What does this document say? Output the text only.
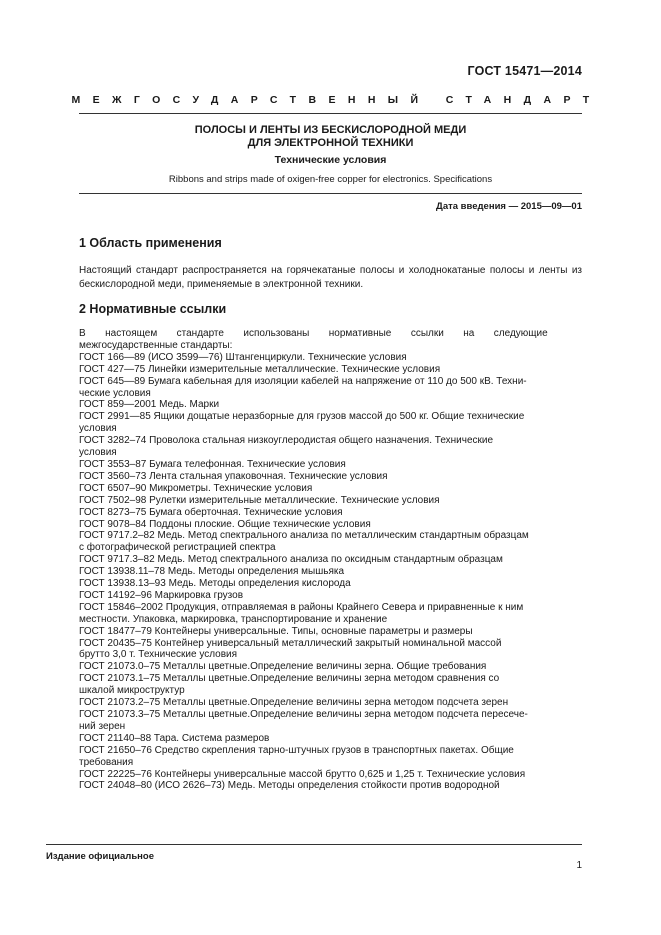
ГОСТ 15471—2014
МЕЖГОСУДАРСТВЕННЫЙ СТАНДАРТ
ПОЛОСЫ И ЛЕНТЫ ИЗ БЕСКИСЛОРОДНОЙ МЕДИ
ДЛЯ ЭЛЕКТРОННОЙ ТЕХНИКИ
Технические условия
Ribbons and strips made of oxigen-free copper for electronics. Specifications
Дата введения — 2015—09—01
1 Область применения

Настоящий стандарт распространяется на горячекатаные полосы и холоднокатаные полосы и ленты из бескислородной меди, применяемые в электронной техники.

2 Нормативные ссылки
В       настоящем       стандарте       использованы       нормативные       ссылки       на       следующие
межгосударственные стандарты:
ГОСТ 166—89 (ИСО 3599—76) Штангенциркули. Технические условия
ГОСТ 427—75 Линейки измерительные металлические. Технические условия
ГОСТ 645—89 Бумага кабельная для изоляции кабелей на напряжение от 110 до 500 кВ. Техни-
ческие условия
ГОСТ 859—2001 Медь. Марки
ГОСТ 2991—85 Ящики дощатые неразборные для грузов массой до 500 кг. Общие технические
условия
ГОСТ 3282–74 Проволока стальная низкоуглеродистая общего назначения. Технические
условия
ГОСТ 3553–87 Бумага телефонная. Технические условия
ГОСТ 3560–73 Лента стальная упаковочная. Технические условия
ГОСТ 6507–90 Микрометры. Технические условия
ГОСТ 7502–98 Рулетки измерительные металлические. Технические условия
ГОСТ 8273–75 Бумага оберточная. Технические условия
ГОСТ 9078–84 Поддоны плоские. Общие технические условия
ГОСТ 9717.2–82 Медь. Метод спектрального анализа по металлическим стандартным образцам
с фотографической регистрацией спектра
ГОСТ 9717.3–82 Медь. Метод спектрального анализа по оксидным стандартным образцам
ГОСТ 13938.11–78 Медь. Методы определения мышьяка
ГОСТ 13938.13–93 Медь. Методы определения кислорода
ГОСТ 14192–96 Маркировка грузов
ГОСТ 15846–2002 Продукция, отправляемая в районы Крайнего Севера и приравненные к ним
местности. Упаковка, маркировка, транспортирование и хранение
ГОСТ 18477–79 Контейнеры универсальные. Типы, основные параметры и размеры
ГОСТ 20435–75 Контейнер универсальный металлический закрытый номинальной массой
брутто 3,0 т. Технические условия
ГОСТ 21073.0–75 Металлы цветные.Определение величины зерна. Общие требования
ГОСТ 21073.1–75 Металлы цветные.Определение величины зерна методом сравнения со
шкалой микроструктур
ГОСТ 21073.2–75 Металлы цветные.Определение величины зерна методом подсчета зерен
ГОСТ 21073.3–75 Металлы цветные.Определение величины зерна методом подсчета пересече-
ний зерен
ГОСТ 21140–88 Тара. Система размеров
ГОСТ 21650–76 Средство скрепления тарно-штучных грузов в транспортных пакетах. Общие
требования
ГОСТ 22225–76 Контейнеры универсальные массой брутто 0,625 и 1,25 т. Технические условия
ГОСТ 24048–80 (ИСО 2626–73) Медь. Методы определения стойкости против водородной
Издание официальное
1
